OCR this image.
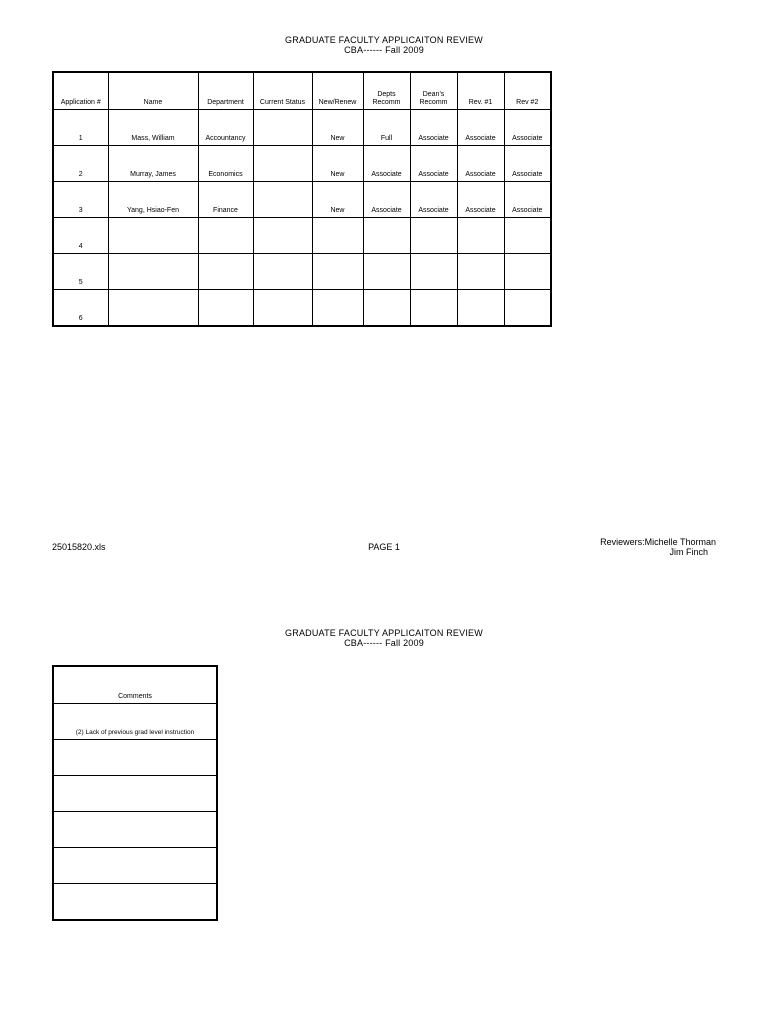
GRADUATE FACULTY APPLICAITON REVIEW
CBA------ Fall 2009
Application #	Name	Department	Current Status	New/Renew	Depts Recomm	Dean's Recomm	Rev. #1	Rev #2
1	Mass, William	Accountancy		New	Full	Associate	Associate	Associate
2	Murray, James	Economics		New	Associate	Associate	Associate	Associate
3	Yang, Hsiao-Fen	Finance		New	Associate	Associate	Associate	Associate
4								
5								
6								
25015820.xls	PAGE 1	Reviewers:Michelle Thorman
Jim Finch
GRADUATE FACULTY APPLICAITON REVIEW
CBA------ Fall 2009
Comments
(2) Lack of previous grad level instruction
